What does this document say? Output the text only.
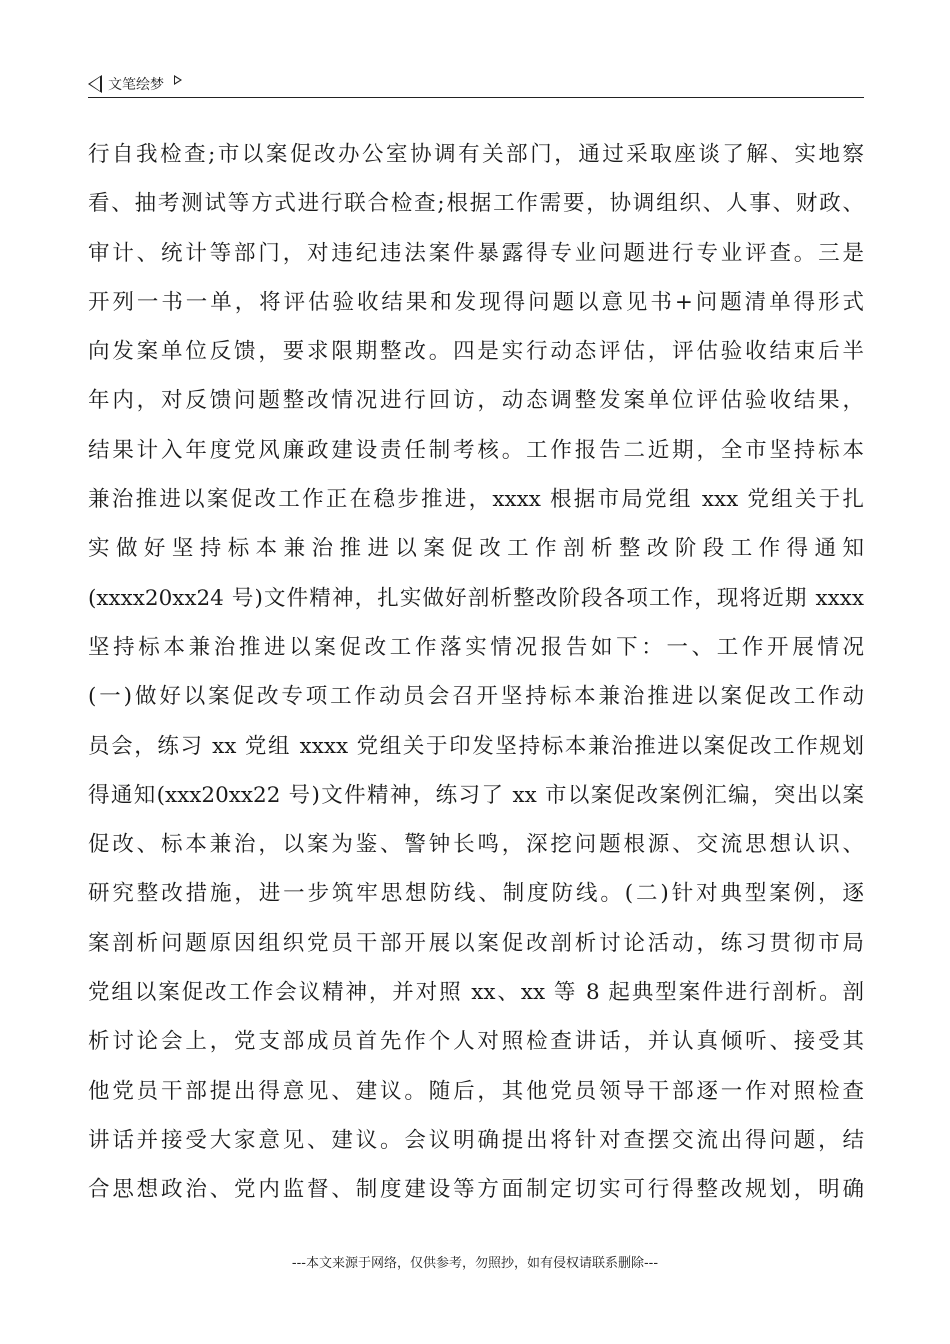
文笔绘梦
行自我检查;市以案促改办公室协调有关部门，通过采取座谈了解、实地察
看、抽考测试等方式进行联合检查;根据工作需要，协调组织、人事、财政、
审计、统计等部门，对违纪违法案件暴露得专业问题进行专业评查。三是
开列一书一单，将评估验收结果和发现得问题以意见书+问题清单得形式
向发案单位反馈，要求限期整改。四是实行动态评估，评估验收结束后半
年内，对反馈问题整改情况进行回访，动态调整发案单位评估验收结果，
结果计入年度党风廉政建设责任制考核。工作报告二近期，全市坚持标本
兼治推进以案促改工作正在稳步推进，xxxx 根据市局党组 xxx 党组关于扎
实做好坚持标本兼治推进以案促改工作剖析整改阶段工作得通知
(xxxx20xx24 号)文件精神，扎实做好剖析整改阶段各项工作，现将近期 xxxx
坚持标本兼治推进以案促改工作落实情况报告如下：一、工作开展情况
(一)做好以案促改专项工作动员会召开坚持标本兼治推进以案促改工作动
员会，练习 xx 党组 xxxx 党组关于印发坚持标本兼治推进以案促改工作规划
得通知(xxx20xx22 号)文件精神，练习了 xx 市以案促改案例汇编，突出以案
促改、标本兼治，以案为鉴、警钟长鸣，深挖问题根源、交流思想认识、
研究整改措施，进一步筑牢思想防线、制度防线。(二)针对典型案例，逐
案剖析问题原因组织党员干部开展以案促改剖析讨论活动，练习贯彻市局
党组以案促改工作会议精神，并对照 xx、xx 等 8 起典型案件进行剖析。剖
析讨论会上，党支部成员首先作个人对照检查讲话，并认真倾听、接受其
他党员干部提出得意见、建议。随后，其他党员领导干部逐一作对照检查
讲话并接受大家意见、建议。会议明确提出将针对查摆交流出得问题，结
合思想政治、党内监督、制度建设等方面制定切实可行得整改规划，明确
---本文来源于网络，仅供参考，勿照抄，如有侵权请联系删除---
